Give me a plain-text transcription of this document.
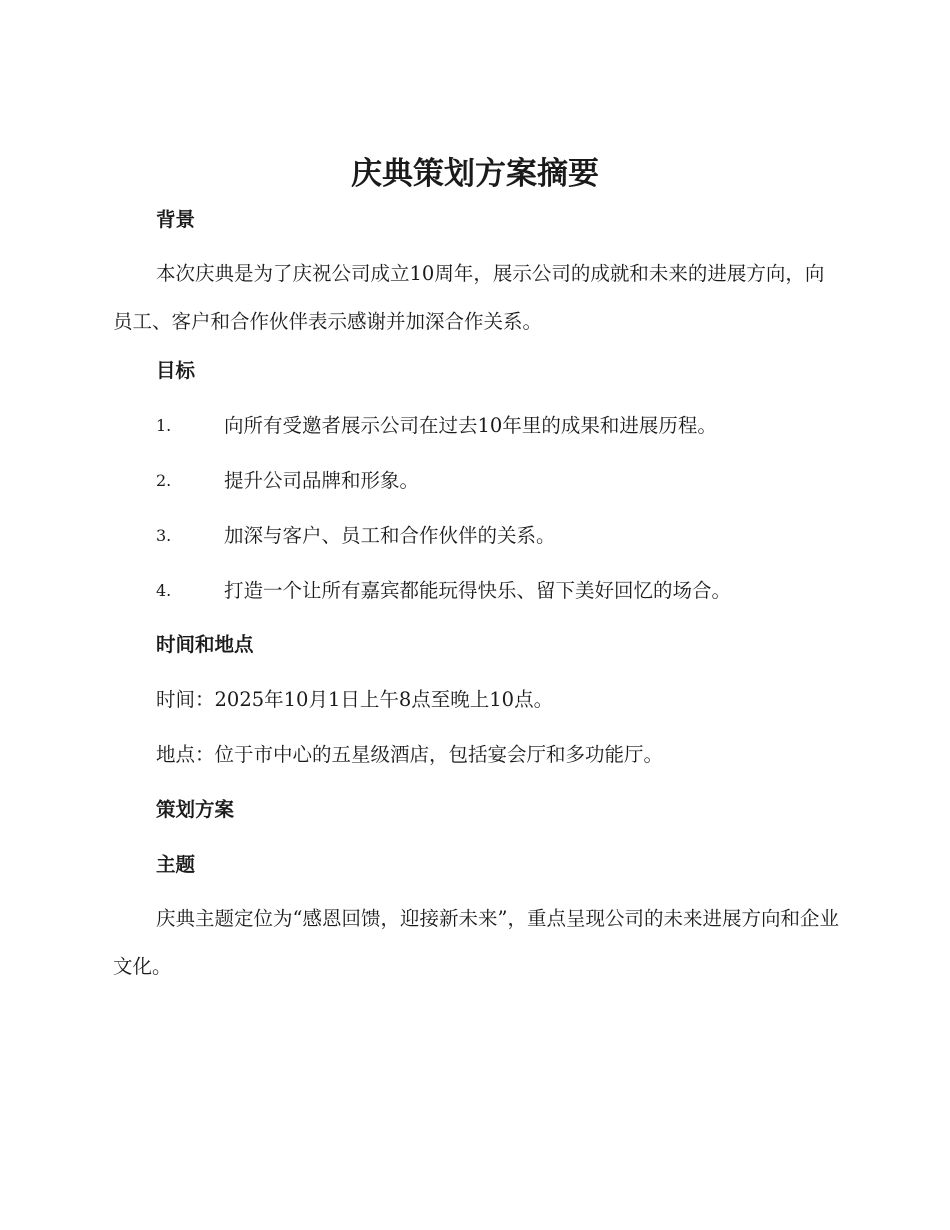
庆典策划方案摘要
背景

本次庆典是为了庆祝公司成立10周年，展示公司的成就和未来的进展方向，向员工、客户和合作伙伴表示感谢并加深合作关系。

目标
1.	向所有受邀者展示公司在过去10年里的成果和进展历程。
2.	提升公司品牌和形象。
3.	加深与客户、员工和合作伙伴的关系。
4.	打造一个让所有嘉宾都能玩得快乐、留下美好回忆的场合。
时间和地点

时间：2025年10月1日上午8点至晚上10点。

地点：位于市中心的五星级酒店，包括宴会厅和多功能厅。

策划方案
主题

庆典主题定位为“感恩回馈，迎接新未来”，重点呈现公司的未来进展方向和企业文化。
